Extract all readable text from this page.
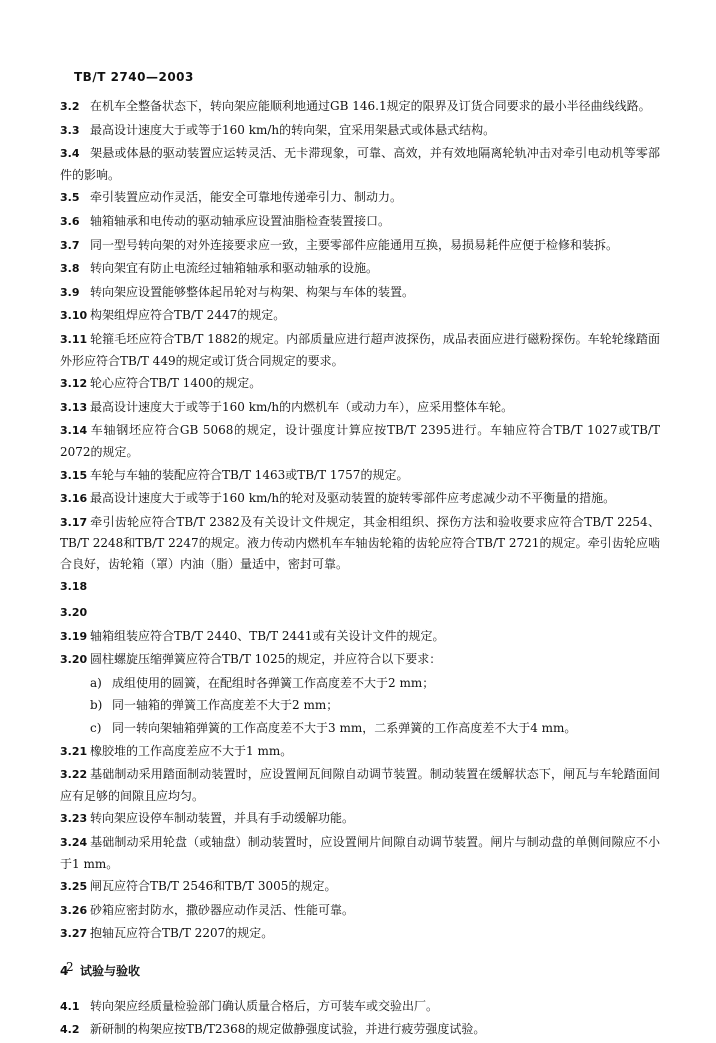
TB/T 2740—2003
3.2 在机车全整备状态下，转向架应能顺利地通过GB 146.1规定的限界及订货合同要求的最小半径曲线线路。
3.3 最高设计速度大于或等于160 km/h的转向架，宜采用架悬式或体悬式结构。
3.4 架悬或体悬的驱动装置应运转灵活、无卡滞现象，可靠、高效，并有效地隔离轮轨冲击对牵引电动机等零部件的影响。
3.5 牵引装置应动作灵活，能安全可靠地传递牵引力、制动力。
3.6 轴箱轴承和电传动的驱动轴承应设置油脂检查装置接口。
3.7 同一型号转向架的对外连接要求应一致，主要零部件应能通用互换，易损易耗件应便于检修和装拆。
3.8 转向架宜有防止电流经过轴箱轴承和驱动轴承的设施。
3.9 转向架应设置能够整体起吊轮对与构架、构架与车体的装置。
3.10 构架组焊应符合TB/T 2447的规定。
3.11 轮箍毛坯应符合TB/T 1882的规定。内部质量应进行超声波探伤，成品表面应进行磁粉探伤。车轮轮缘踏面外形应符合TB/T 449的规定或订货合同规定的要求。
3.12 轮心应符合TB/T 1400的规定。
3.13 最高设计速度大于或等于160 km/h的内燃机车（或动力车），应采用整体车轮。
3.14 车轴钢坯应符合GB 5068的规定，设计强度计算应按TB/T 2395进行。车轴应符合TB/T 1027或TB/T 2072的规定。
3.15 车轮与车轴的装配应符合TB/T 1463或TB/T 1757的规定。
3.16 最高设计速度大于或等于160 km/h的轮对及驱动装置的旋转零部件应考虑减少动不平衡量的措施。
3.17 牵引齿轮应符合TB/T 2382及有关设计文件规定，其金相组织、探伤方法和验收要求应符合TB/T 2254、TB/T 2248和TB/T 2247的规定。液力传动内燃机车车轴齿轮箱的齿轮应符合TB/T 2721的规定。牵引齿轮应啮合良好，齿轮箱（罩）内油（脂）量适中，密封可靠。
3.18
3.20
3.19 轴箱组装应符合TB/T 2440、TB/T 2441或有关设计文件的规定。
3.20 圆柱螺旋压缩弹簧应符合TB/T 1025的规定，并应符合以下要求：
a) 成组使用的圆簧，在配组时各弹簧工作高度差不大于2 mm；
b) 同一轴箱的弹簧工作高度差不大于2 mm；
c) 同一转向架轴箱弹簧的工作高度差不大于3 mm，二系弹簧的工作高度差不大于4 mm。
3.21 橡胶堆的工作高度差应不大于1 mm。
3.22 基础制动采用踏面制动装置时，应设置闸瓦间隙自动调节装置。制动装置在缓解状态下，闸瓦与车轮踏面间应有足够的间隙且应均匀。
3.23 转向架应设停车制动装置，并具有手动缓解功能。
3.24 基础制动采用轮盘（或轴盘）制动装置时，应设置闸片间隙自动调节装置。闸片与制动盘的单侧间隙应不小于1 mm。
3.25 闸瓦应符合TB/T 2546和TB/T 3005的规定。
3.26 砂箱应密封防水，撒砂器应动作灵活、性能可靠。
3.27 抱轴瓦应符合TB/T 2207的规定。
4 试验与验收
4.1 转向架应经质量检验部门确认质量合格后，方可装车或交验出厂。
4.2 新研制的构架应按TB/T2368的规定做静强度试验，并进行疲劳强度试验。
2
